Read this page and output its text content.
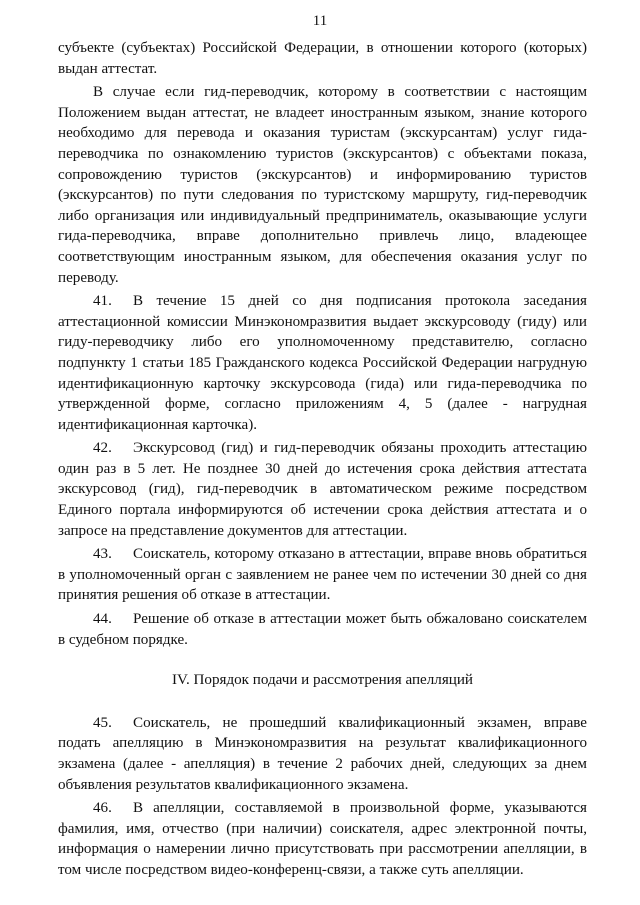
11

субъекте (субъектах) Российской Федерации, в отношении которого (которых) выдан аттестат.

В случае если гид-переводчик, которому в соответствии с настоящим Положением выдан аттестат, не владеет иностранным языком, знание которого необходимо для перевода и оказания туристам (экскурсантам) услуг гида-переводчика по ознакомлению туристов (экскурсантов) с объектами показа, сопровождению туристов (экскурсантов) и информированию туристов (экскурсантов) по пути следования по туристскому маршруту, гид-переводчик либо организация или индивидуальный предприниматель, оказывающие услуги гида-переводчика, вправе дополнительно привлечь лицо, владеющее соответствующим иностранным языком, для обеспечения оказания услуг по переводу.

41. В течение 15 дней со дня подписания протокола заседания аттестационной комиссии Минэкономразвития выдает экскурсоводу (гиду) или гиду-переводчику либо его уполномоченному представителю, согласно подпункту 1 статьи 185 Гражданского кодекса Российской Федерации нагрудную идентификационную карточку экскурсовода (гида) или гида-переводчика по утвержденной форме, согласно приложениям 4, 5 (далее - нагрудная идентификационная карточка).

42. Экскурсовод (гид) и гид-переводчик обязаны проходить аттестацию один раз в 5 лет. Не позднее 30 дней до истечения срока действия аттестата экскурсовод (гид), гид-переводчик в автоматическом режиме посредством Единого портала информируются об истечении срока действия аттестата и о запросе на представление документов для аттестации.

43. Соискатель, которому отказано в аттестации, вправе вновь обратиться в уполномоченный орган с заявлением не ранее чем по истечении 30 дней со дня принятия решения об отказе в аттестации.

44. Решение об отказе в аттестации может быть обжаловано соискателем в судебном порядке.

IV. Порядок подачи и рассмотрения апелляций

45. Соискатель, не прошедший квалификационный экзамен, вправе подать апелляцию в Минэкономразвития на результат квалификационного экзамена (далее - апелляция) в течение 2 рабочих дней, следующих за днем объявления результатов квалификационного экзамена.

46. В апелляции, составляемой в произвольной форме, указываются фамилия, имя, отчество (при наличии) соискателя, адрес электронной почты, информация о намерении лично присутствовать при рассмотрении апелляции, в том числе посредством видео-конференц-связи, а также суть апелляции.
